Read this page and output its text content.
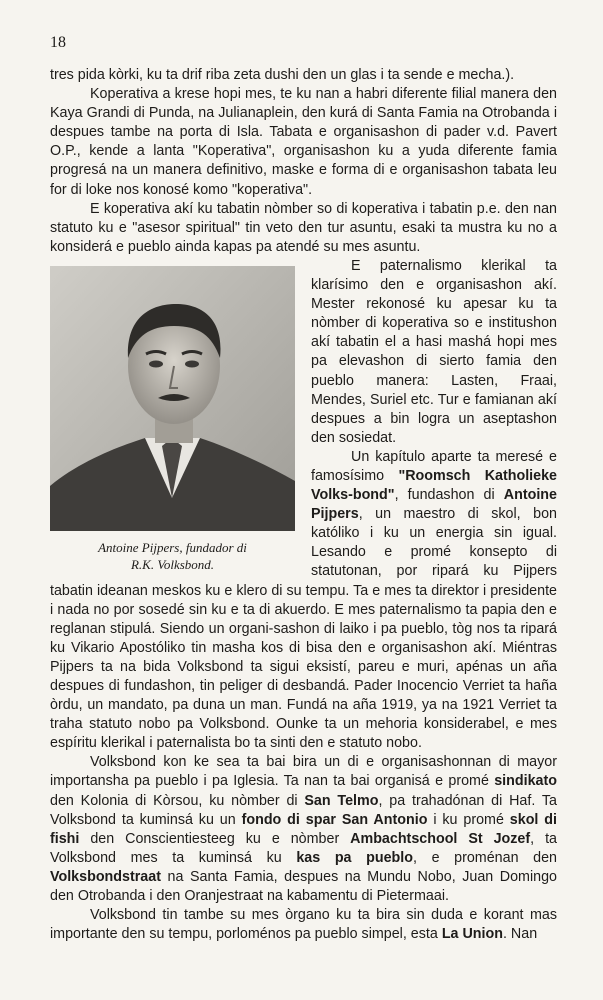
18

tres pida kòrki, ku ta drif riba zeta dushi den un glas i ta sende e mecha.).

Koperativa a krese hopi mes, te ku nan a habri diferente filial manera den Kaya Grandi di Punda, na Julianaplein, den kurá di Santa Famia na Otrobanda i despues tambe na porta di Isla. Tabata e organisashon di pader v.d. Pavert O.P., kende a lanta "Koperativa", organisashon ku a yuda diferente famia progresá na un manera definitivo, maske e forma di e organisashon tabata leu for di loke nos konosé komo "koperativa".

E koperativa akí ku tabatin nòmber so di koperativa i tabatin p.e. den nan statuto ku e "asesor spiritual" tin veto den tur asuntu, esaki ta mustra ku no a konsiderá e pueblo ainda kapas pa atendé su mes asuntu.

Antoine Pijpers, fundador di
R.K. Volksbond.

E paternalismo klerikal ta klarísimo den e organisashon akí. Mester rekonosé ku apesar ku ta nòmber di koperativa so e institushon akí tabatin el a hasi mashá hopi mes pa elevashon di sierto famia den pueblo manera: Lasten, Fraai, Mendes, Suriel etc. Tur e famianan akí despues a bin logra un aseptashon den sosiedat.

Un kapítulo aparte ta meresé e famosísimo "Roomsch Katholieke Volks-bond", fundashon di Antoine Pijpers, un maestro di skol, bon katóliko i ku un energia sin igual. Lesando e promé konsepto di statutonan, por ripará ku Pijpers tabatin ideanan meskos ku e klero di su tempu. Ta e mes ta direktor i presidente i nada no por sosedé sin ku e ta di akuerdo. E mes paternalismo ta papia den e reglanan stipulá. Siendo un organi-sashon di laiko i pa pueblo, tòg nos ta ripará ku Vikario Apostóliko tin masha kos di bisa den e organisashon akí. Miéntras Pijpers ta na bida Volksbond ta sigui eksistí, pareu e muri, apénas un aña despues di fundashon, tin peliger di desbandá. Pader Inocencio Verriet ta haña òrdu, un mandato, pa duna un man. Fundá na aña 1919, ya na 1921 Verriet ta traha statuto nobo pa Volksbond. Ounke ta un mehoria konsiderabel, e mes espíritu klerikal i paternalista bo ta sinti den e statuto nobo.

Volksbond kon ke sea ta bai bira un di e organisashonnan di mayor importansha pa pueblo i pa Iglesia. Ta nan ta bai organisá e promé sindikato den Kolonia di Kòrsou, ku nòmber di San Telmo, pa trahadónan di Haf. Ta Volksbond ta kuminsá ku un fondo di spar San Antonio i ku promé skol di fishi den Conscientiesteeg ku e nòmber Ambachtschool St Jozef, ta Volksbond mes ta kuminsá ku kas pa pueblo, e proménan den Volksbondstraat na Santa Famia, despues na Mundu Nobo, Juan Domingo den Otrobanda i den Oranjestraat na kabamentu di Pietermaai.

Volksbond tin tambe su mes òrgano ku ta bira sin duda e korant mas importante den su tempu, porloménos pa pueblo simpel, esta La Union. Nan
